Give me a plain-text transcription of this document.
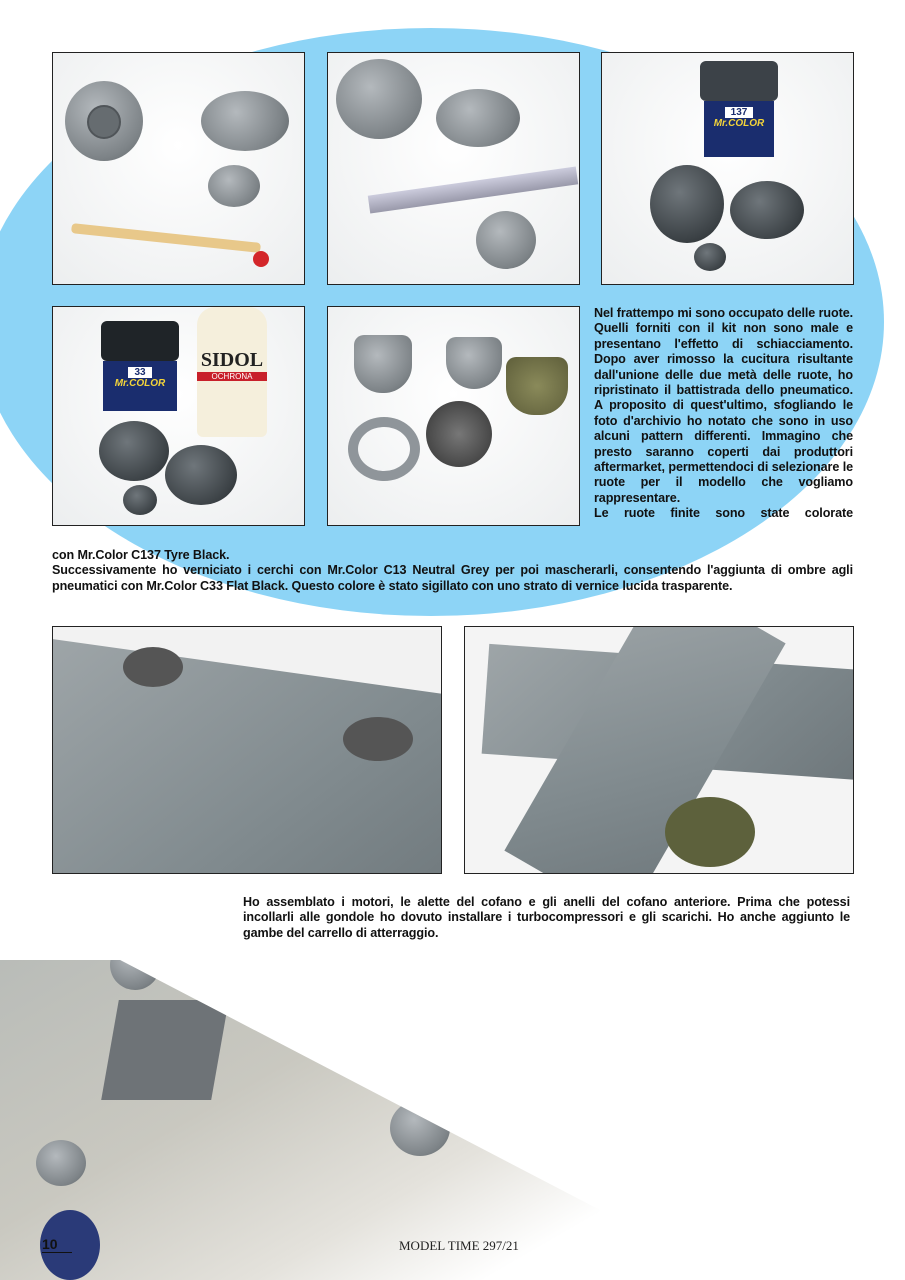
137
Mr.COLOR
33
Mr.COLOR
SIDOL
OCHRONA

Nel frattempo mi sono occupato delle ruote. Quelli forniti con il kit non sono male e presentano l'effetto di schiacciamento. Dopo aver rimosso la cucitura risultante dall'unione delle due metà delle ruote, ho ripristinato il battistrada dello pneumatico. A proposito di quest'ultimo, sfogliando le foto d'archivio ho notato che sono in uso alcuni pattern differenti. Immagino che presto saranno coperti dai produttori aftermarket, permettendoci di selezionare le ruote per il modello che vogliamo rappresentare.

Le ruote finite sono state colorate

con Mr.Color C137 Tyre Black.

Successivamente ho verniciato i cerchi con Mr.Color C13 Neutral Grey per poi mascherarli, consentendo l'aggiunta di ombre agli pneumatici con Mr.Color C33 Flat Black. Questo colore è stato sigillato con uno strato di vernice lucida trasparente.

Ho assemblato i motori, le alette del cofano e gli anelli del cofano anteriore. Prima che potessi incollarli alle gondole ho dovuto installare i turbocompressori e gli scarichi. Ho anche aggiunto le gambe del carrello di atterraggio.

10	MODEL TIME 297/21
